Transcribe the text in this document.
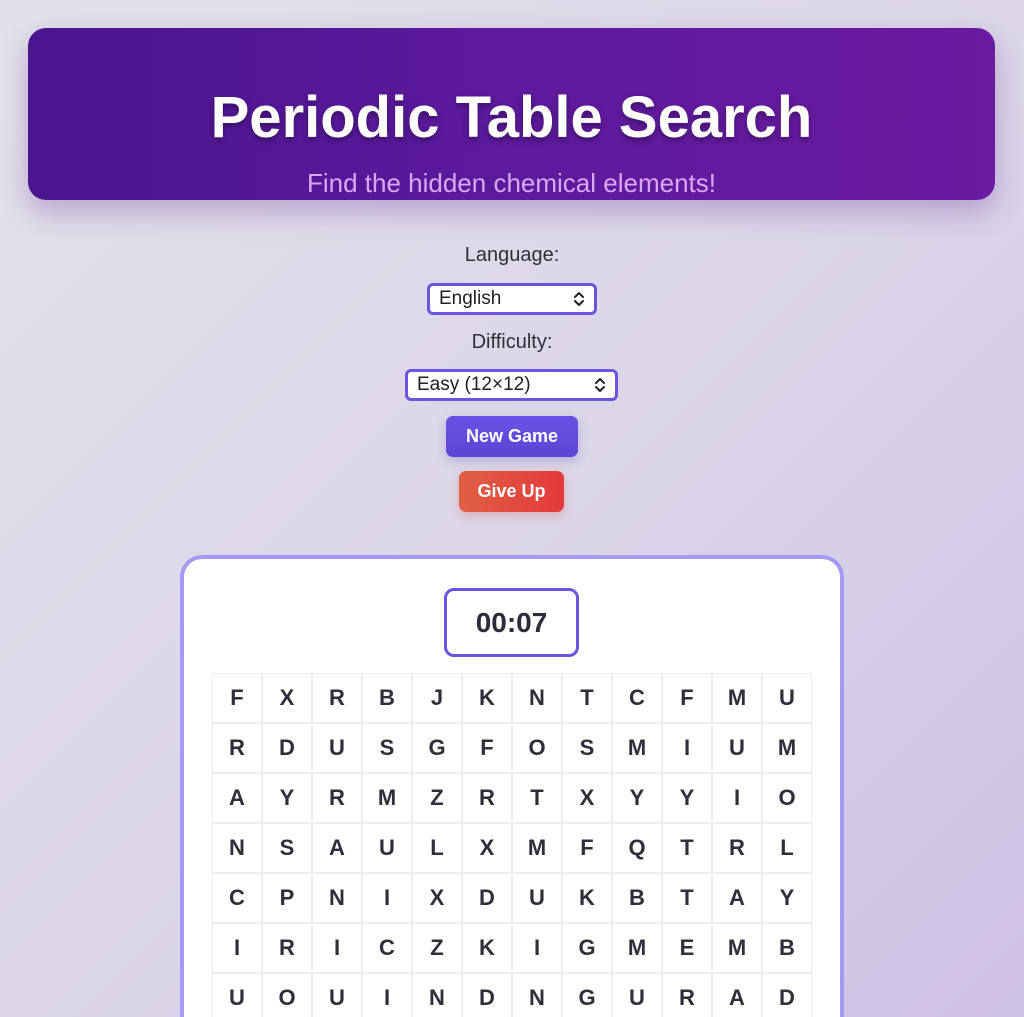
Periodic Table Search
Find the hidden chemical elements!
Language:
English
Difficulty:
Easy (12×12)
New Game
Give Up
00:07
F	X	R	B	J	K	N	T	C	F	M	U
R	D	U	S	G	F	O	S	M	I	U	M
A	Y	R	M	Z	R	T	X	Y	Y	I	O
N	S	A	U	L	X	M	F	Q	T	R	L
C	P	N	I	X	D	U	K	B	T	A	Y
I	R	I	C	Z	K	I	G	M	E	M	B
U	O	U	I	N	D	N	G	U	R	A	D
